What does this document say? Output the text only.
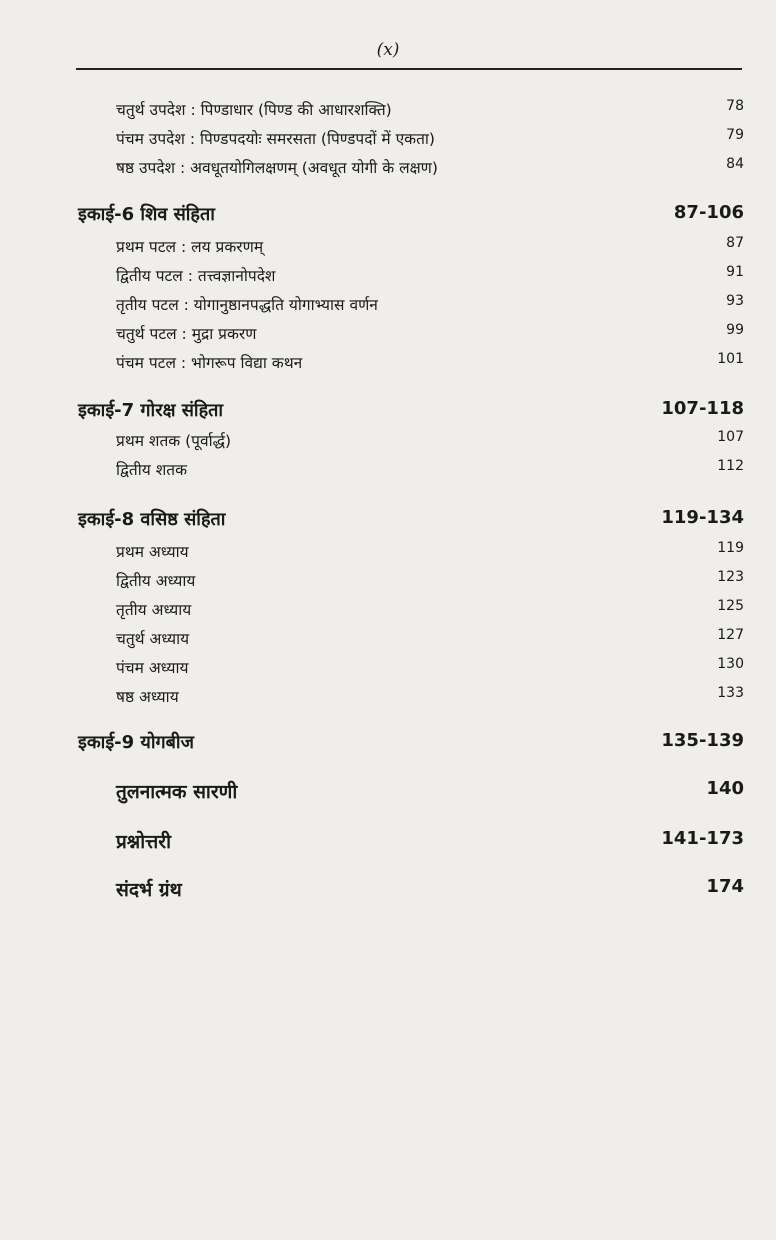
(x)
चतुर्थ उपदेश : पिण्डाधार (पिण्ड की आधारशक्ति)	78
पंचम उपदेश : पिण्डपदयोः समरसता (पिण्डपदों में एकता)	79
षष्ठ उपदेश : अवधूतयोगिलक्षणम् (अवधूत योगी के लक्षण)	84
इकाई-6 शिव संहिता	87-106
प्रथम पटल : लय प्रकरणम्	87
द्वितीय पटल : तत्त्वज्ञानोपदेश	91
तृतीय पटल : योगानुष्ठानपद्धति योगाभ्यास वर्णन	93
चतुर्थ पटल : मुद्रा प्रकरण	99
पंचम पटल : भोगरूप विद्या कथन	101
इकाई-7 गोरक्ष संहिता	107-118
प्रथम शतक (पूर्वार्द्ध)	107
द्वितीय शतक	112
इकाई-8 वसिष्ठ संहिता	119-134
प्रथम अध्याय	119
द्वितीय अध्याय	123
तृतीय अध्याय	125
चतुर्थ अध्याय	127
पंचम अध्याय	130
षष्ठ अध्याय	133
इकाई-9 योगबीज	135-139
तुलनात्मक सारणी	140
प्रश्नोत्तरी	141-173
संदर्भ ग्रंथ	174
